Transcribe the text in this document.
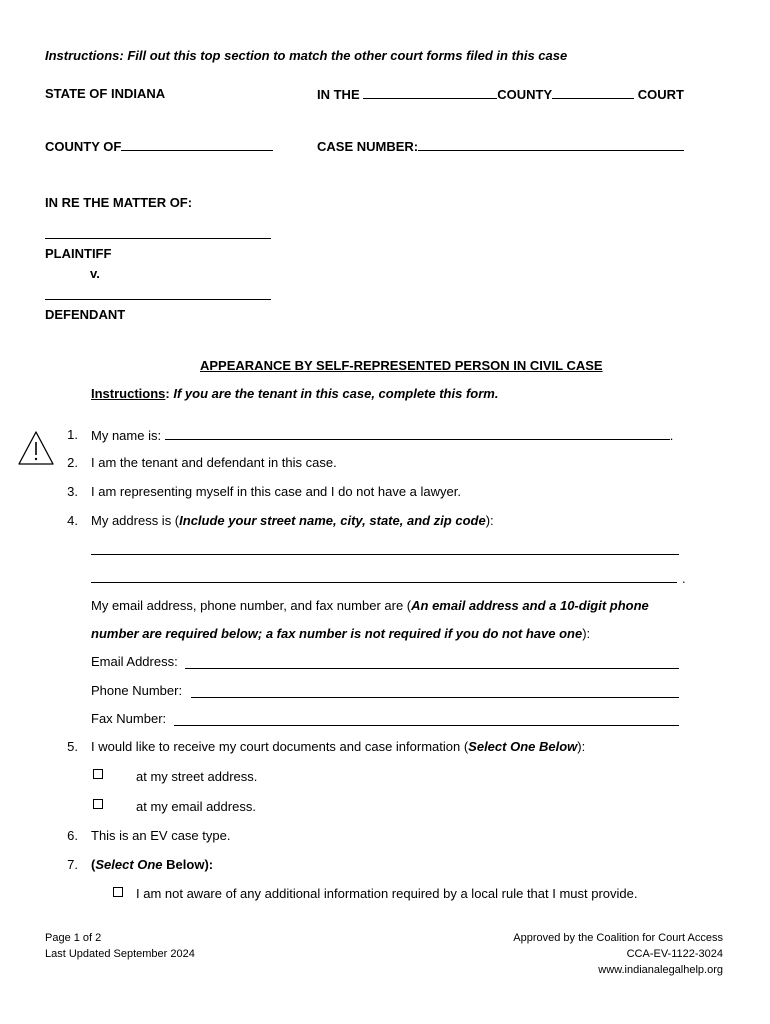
Instructions: Fill out this top section to match the other court forms filed in this case
STATE OF INDIANA	IN THE	COUNTY	COURT
COUNTY OF	CASE NUMBER:
IN RE THE MATTER OF:
PLAINTIFF
v.
DEFENDANT
APPEARANCE BY SELF-REPRESENTED PERSON IN CIVIL CASE
Instructions: If you are the tenant in this case, complete this form.
1. My name is:	.
2. I am the tenant and defendant in this case.
3. I am representing myself in this case and I do not have a lawyer.
4. My address is (Include your street name, city, state, and zip code):
.
My email address, phone number, and fax number are (An email address and a 10-digit phone
number are required below; a fax number is not required if you do not have one):
Email Address:
Phone Number:
Fax Number:
5. I would like to receive my court documents and case information (Select One Below):
at my street address.
at my email address.
6. This is an EV case type.
7. (Select One Below):
I am not aware of any additional information required by a local rule that I must provide.
Page 1 of 2
Last Updated September 2024
Approved by the Coalition for Court Access
CCA-EV-1122-3024
www.indianalegalhelp.org
